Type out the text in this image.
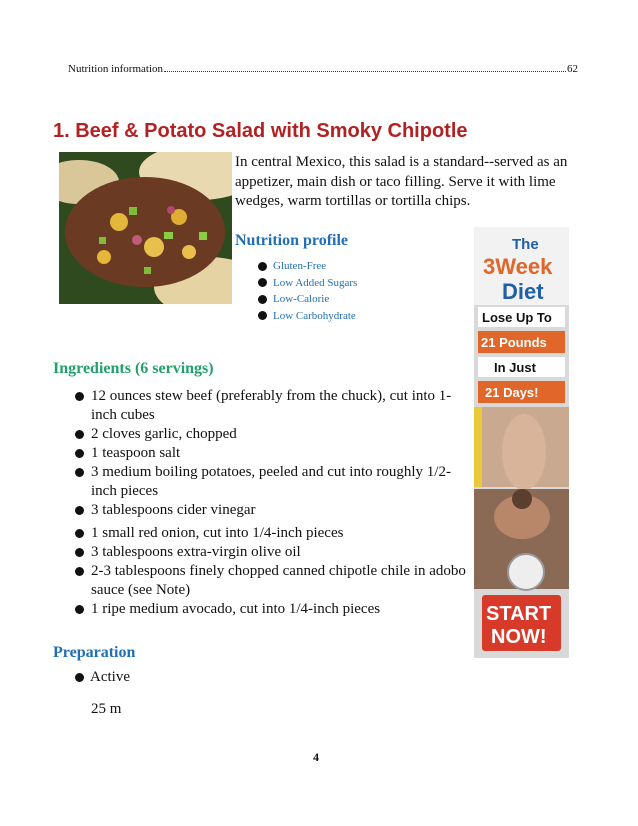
Nutrition information	62
1. Beef & Potato Salad with Smoky Chipotle
In central Mexico, this salad is a standard--served as an appetizer, main dish or taco filling. Serve it with lime wedges, warm tortillas or tortilla chips.
Nutrition profile
Gluten-Free
Low Added Sugars
Low-Calorie
Low Carbohydrate
Ingredients (6 servings)
12 ounces stew beef (preferably from the chuck), cut into 1-inch cubes
2 cloves garlic, chopped
1 teaspoon salt
3 medium boiling potatoes, peeled and cut into roughly 1/2-inch pieces
3 tablespoons cider vinegar
1 small red onion, cut into 1/4-inch pieces
3 tablespoons extra-virgin olive oil
2-3 tablespoons finely chopped canned chipotle chile in adobo sauce (see Note)
1 ripe medium avocado, cut into 1/4-inch pieces
Preparation
Active
25 m
4
The
3Week
Diet
Lose Up To
21 Pounds
In Just
21 Days!
START
NOW!
